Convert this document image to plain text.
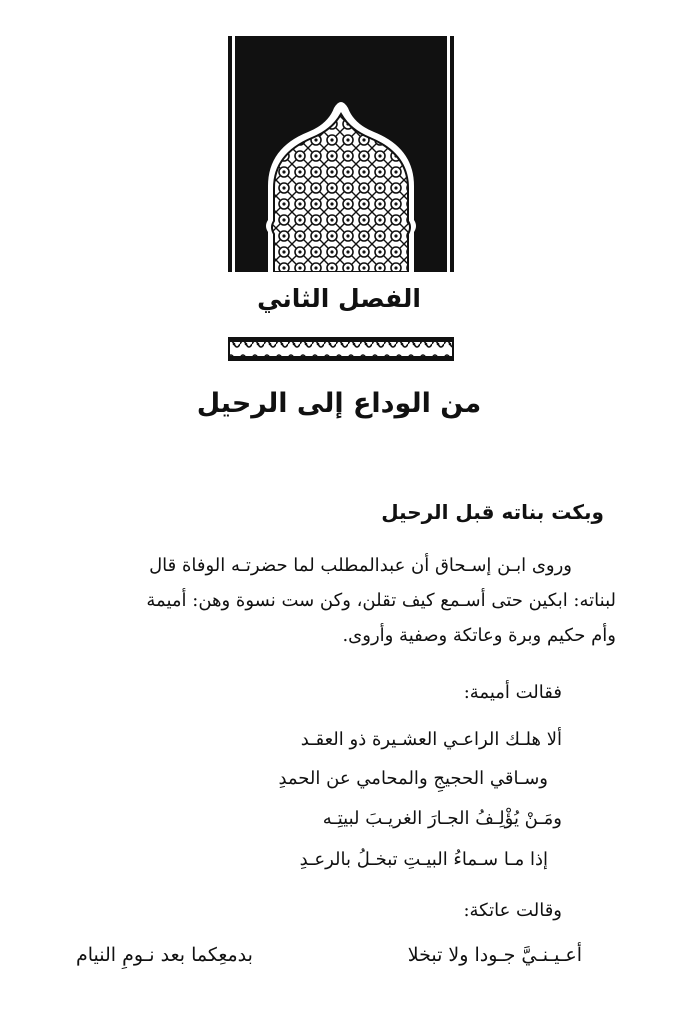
الفصل الثاني
من الوداع إلى الرحيل
وبكت بناته قبل الرحيل
وروى ابـن إسـحاق أن عبدالمطلب لما حضرتـه الوفاة قال
لبناته: ابكين حتى أسـمع كيف تقلن، وكن ست نسوة وهن: أميمة
وأم حكيم وبرة وعاتكة وصفية وأروى.
فقالت أميمة:
ألا هلـك الراعـي العشـيرة ذو العقـد
وسـاقي الحجيجِ والمحامي عن الحمدِ
ومَـنْ يُؤْلِـفُ الجـارَ الغريـبَ لبيتِـه
إذا مـا سـماءُ البيـتِ تبخـلُ بالرعـدِ
وقالت عاتكة:
أعـيـنـيَّ جـودا ولا تبخلا
بدمعِكما بعد نـومِ النيام
